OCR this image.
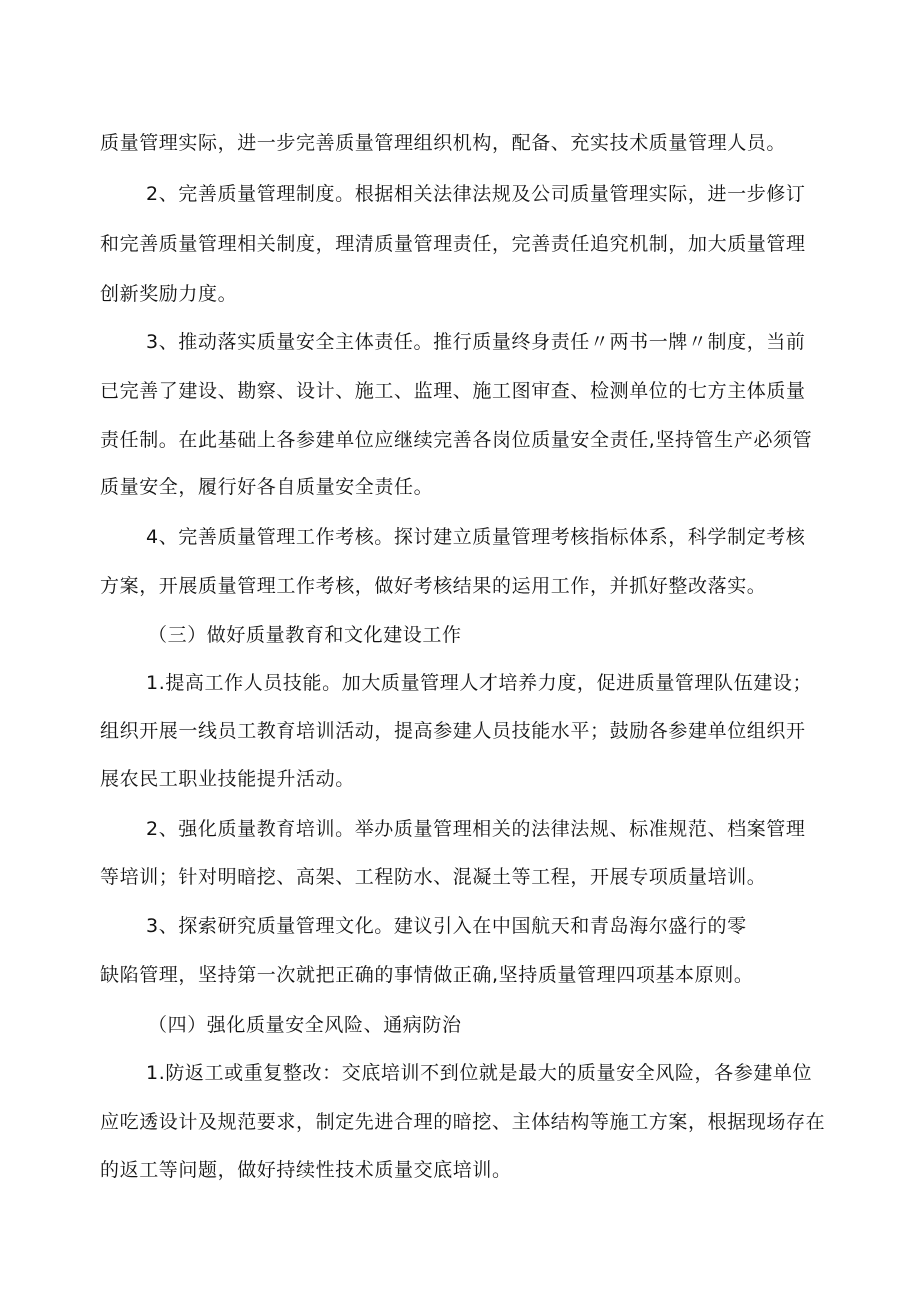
质量管理实际，进一步完善质量管理组织机构，配备、充实技术质量管理人员。
2、完善质量管理制度。根据相关法律法规及公司质量管理实际，进一步修订
和完善质量管理相关制度，理清质量管理责任，完善责任追究机制，加大质量管理
创新奖励力度。
3、推动落实质量安全主体责任。推行质量终身责任〃两书一牌〃制度，当前
已完善了建设、勘察、设计、施工、监理、施工图审查、检测单位的七方主体质量
责任制。在此基础上各参建单位应继续完善各岗位质量安全责任,坚持管生产必须管
质量安全，履行好各自质量安全责任。
4、完善质量管理工作考核。探讨建立质量管理考核指标体系，科学制定考核
方案，开展质量管理工作考核，做好考核结果的运用工作，并抓好整改落实。
（三）做好质量教育和文化建设工作
1.提高工作人员技能。加大质量管理人才培养力度，促进质量管理队伍建设；
组织开展一线员工教育培训活动，提高参建人员技能水平；鼓励各参建单位组织开
展农民工职业技能提升活动。
2、强化质量教育培训。举办质量管理相关的法律法规、标准规范、档案管理
等培训；针对明暗挖、高架、工程防水、混凝土等工程，开展专项质量培训。
3、探索研究质量管理文化。建议引入在中国航天和青岛海尔盛行的零
缺陷管理，坚持第一次就把正确的事情做正确,坚持质量管理四项基本原则。
（四）强化质量安全风险、通病防治
1.防返工或重复整改：交底培训不到位就是最大的质量安全风险，各参建单位
应吃透设计及规范要求，制定先进合理的暗挖、主体结构等施工方案，根据现场存在
的返工等问题，做好持续性技术质量交底培训。
